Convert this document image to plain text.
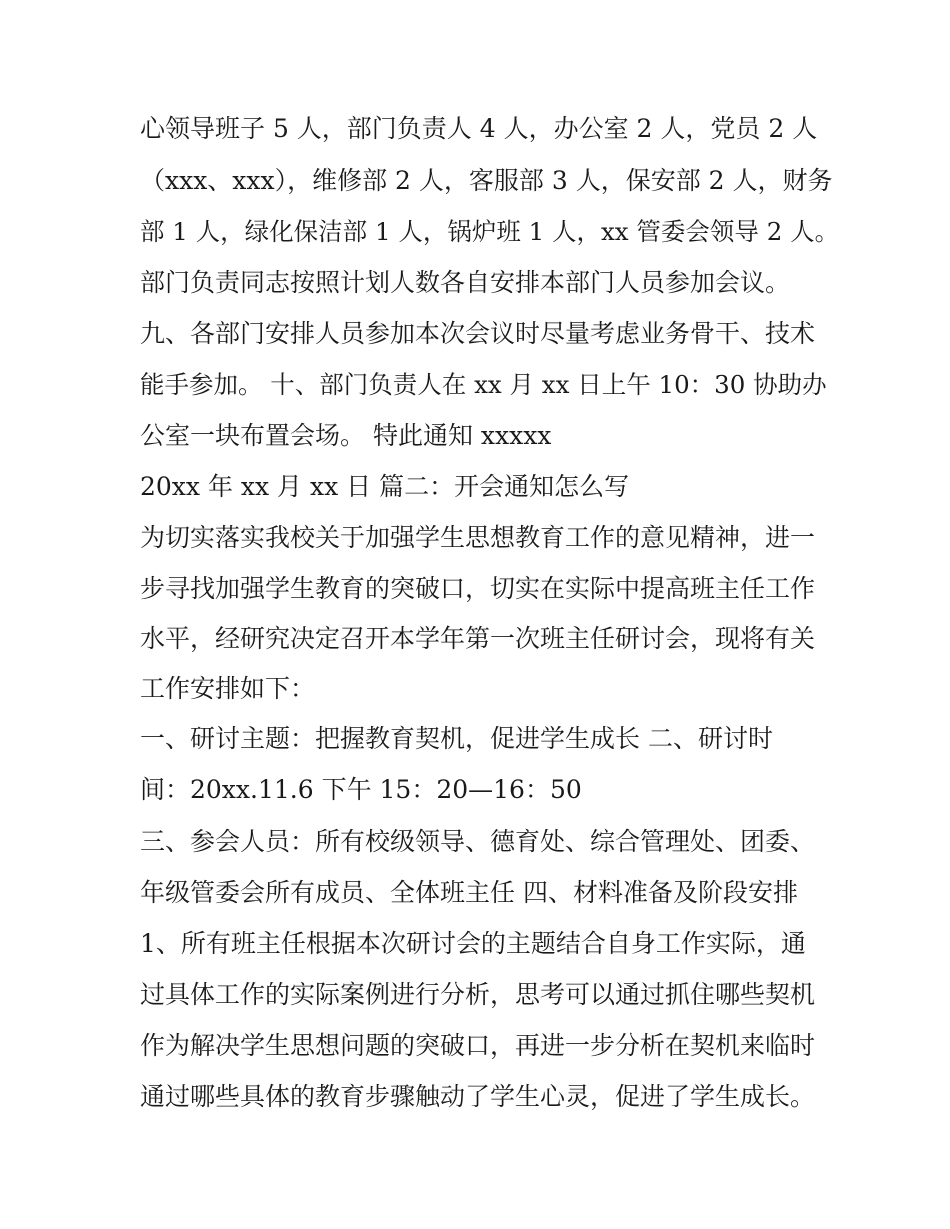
心领导班子 5 人，部门负责人 4 人，办公室 2 人，党员 2 人
（xxx、xxx），维修部 2 人，客服部 3 人，保安部 2 人，财务
部 1 人，绿化保洁部 1 人，锅炉班 1 人，xx 管委会领导 2 人。
部门负责同志按照计划人数各自安排本部门人员参加会议。
九、各部门安排人员参加本次会议时尽量考虑业务骨干、技术
能手参加。 十、部门负责人在 xx 月 xx 日上午 10：30 协助办
公室一块布置会场。 特此通知 xxxxx
20xx 年 xx 月 xx 日 篇二：开会通知怎么写
为切实落实我校关于加强学生思想教育工作的意见精神，进一
步寻找加强学生教育的突破口，切实在实际中提高班主任工作
水平，经研究决定召开本学年第一次班主任研讨会，现将有关
工作安排如下：
一、研讨主题：把握教育契机，促进学生成长 二、研讨时
间：20xx.11.6 下午 15：20—16：50
三、参会人员：所有校级领导、德育处、综合管理处、团委、
年级管委会所有成员、全体班主任 四、材料准备及阶段安排
1、所有班主任根据本次研讨会的主题结合自身工作实际，通
过具体工作的实际案例进行分析，思考可以通过抓住哪些契机
作为解决学生思想问题的突破口，再进一步分析在契机来临时
通过哪些具体的教育步骤触动了学生心灵，促进了学生成长。
